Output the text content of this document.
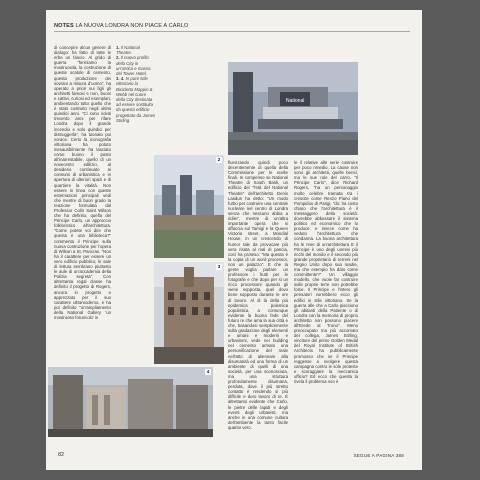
NOTES LA NUOVA LONDRA NON PIACE A CARLO

di concepire alcun genere di dialogo: ha fatto di tutte le erbe un fascio. Al grido di guerra "fermiamo la mostruosità, la costruzione di queste scatole di cemento, questa produzione dei sovrani a misura d'uomo", ha operato a priori sui figli gli architetti famosi e non, buoni e cattivi, curiosi ed esemplari, ambientando tutto quello che è stato costruito negli ultimi quindici anni. "Ci sono voluti trecento anni per rifare Londra dopo il grande incendio e solo quindici per distruggerla", ha tuonato poi vorace. Certo la iconografia vittoriana ha potuto inesauribilmente ha lasciato come buono il posto all'inarrestabile, quello di un novecento edilizio, al desiderio continuato ai consumi di urbanistica e in apertura di ulteriori spazi e di quartiere la vitalità. Non essere in linea con queste esternazioni principali vedi che mentre di buon grado la reazione formulata dal Professor Colin Saint Wilson che ha definito, quella del Principe Carlo, un approccio folkloristico all'architettura. "Come potete voi dire che questa è una biblioteca?" commenta il Principe sulla nuova costruzione per l'opera di Wilson a St. Pancras. "Non ha il carattere per essere un vero edificio pubblico; le sale di lettura sembrano piuttosto le aule di un'accademia della Polizia segreta". Con altrettanta regal classe ha definito il progetto di Rogers, ancora in progetto e apprezzato per il suo carattere ultramoderno, e ha poi definito "un'ampliamento della National Gallery 'un mostruoso foruncolo' in

1. Il National Theatre.
2. Il nuovo profilo della City in un'antica e massa del Tower Hotel.
3. 4. In pure stile vittoriano la Bicicletta Mappin & Webb nel cuore della City destinata ad essere sostituita da questo edificio progettato da James Stirling.
National
2
3
4

fluenzando quindi poco decentemente di quella della Commissione per le scelte finali. In compenso se National Theatre di South Bank, un edificio del "l'età del National Theatre" dell'architetto Denis Lasdun ha detto: "Un modo furbo per costruire una centrale nucleare nel centro di Londra senza che nessuno abbia a ridire", mentre di un'altra importante opera che si affaccia sul Tamigi e la Queen Victoria street, a Mondial House, in un crescendo di humor tale da provocare più vera risata al mal di pancia, così ha proteso: "Ma questa è la copia di un word processor, non un palazzo". E che la gente voglia parlare un professore i frutti per le fotografie e che dopo per si un ricco processore quando gli viene sopposta, quel dovo bene sopposto durante le ore di lavoro. Al di là della più epidemica polemica populistica, a comunque evidente la buona fede del futuro re che ama la sua città e che, basandosi semplicemente sulla gradazione degli elementi e umani e moderni e urbanismi, vede nei building nel cemento armato una personificazione del male nell'atto di aliennare alla disumanità ed una forma di un ambiente di quelli di una società, per una sconosciuta, ma una struttura profondamente disumana, perduta, dove il più stretto contatto è rendendo sì più difficile e duro lavoro di re. È altrettanto evidente che Carlo, le pietre delle lapidi e degli eventi degli urbanisti, ma anche in una comune cultura dell'ambiente la tanto facile quanto vero.

le il relative alle serie costruire per poco rimedio. La cause non sono gli architetti, quelle bensì, ma le sue rule del carro. "Il Principe Carlo", dice Richard Rogers, "ha un personaggio molto celebre tramata tra i crescite come Renzo Piano del Pompidou di Parigi, "do: ha costo chiaro che l'architettura è il messaggero della società: dovrebbe abbassare il sistema politico ed economico che lo produce: e invece come ha veduto l'architettura che condanna. La buona architettura ha le rese di un'architettura E il Principe è uno degli uomini più ricchi del mondo e il secondo più grande proprietario di terreni nel Regno Unito dopo sua madre, ma che esempio ha dato come committente?" Un villaggio modello, che vuole far costruire sulle proprie terre non potrebbe forse. Il Principe e l'intero gli pensatori vorrebbero ecco gli edifici in stile vittoriano. Se la guerra alle che a Carlo piacciono gli abitanti della Patiente o di Londra con la memoria di proprio architetto non possono piacere all'Erede al Trono". Meno preoccupato ma più accorsato del collega, James Stirling, vincitore del primo Golden Medal del Royal Institute of British Architects ha pubblicamente promosso che se il Principe reggesse a svolgere questa campagna contro le sole proteste e scoraggiare la meccanica ufficio? Ed ecco che questa la rivela il problema non è

82	SEGUE A PAGINA 388
